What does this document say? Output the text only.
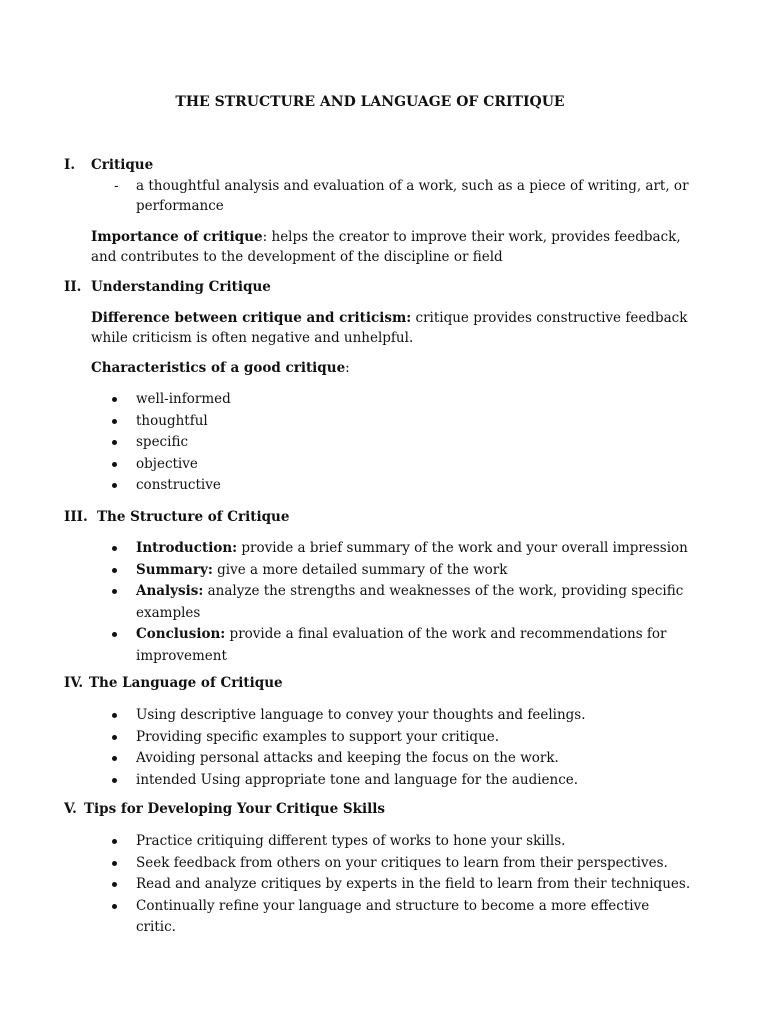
THE STRUCTURE AND LANGUAGE OF CRITIQUE

I. Critique

- a thoughtful analysis and evaluation of a work, such as a piece of writing, art, or performance

Importance of critique: helps the creator to improve their work, provides feedback, and contributes to the development of the discipline or field

II. Understanding Critique

Difference between critique and criticism: critique provides constructive feedback while criticism is often negative and unhelpful.

Characteristics of a good critique:

well-informed
thoughtful
specific
objective
constructive

III. The Structure of Critique

Introduction: provide a brief summary of the work and your overall impression
Summary: give a more detailed summary of the work
Analysis: analyze the strengths and weaknesses of the work, providing specific examples
Conclusion: provide a final evaluation of the work and recommendations for improvement

IV. The Language of Critique

Using descriptive language to convey your thoughts and feelings.
Providing specific examples to support your critique.
Avoiding personal attacks and keeping the focus on the work.
intended Using appropriate tone and language for the audience.

V. Tips for Developing Your Critique Skills

Practice critiquing different types of works to hone your skills.
Seek feedback from others on your critiques to learn from their perspectives.
Read and analyze critiques by experts in the field to learn from their techniques.
Continually refine your language and structure to become a more effective critic.
